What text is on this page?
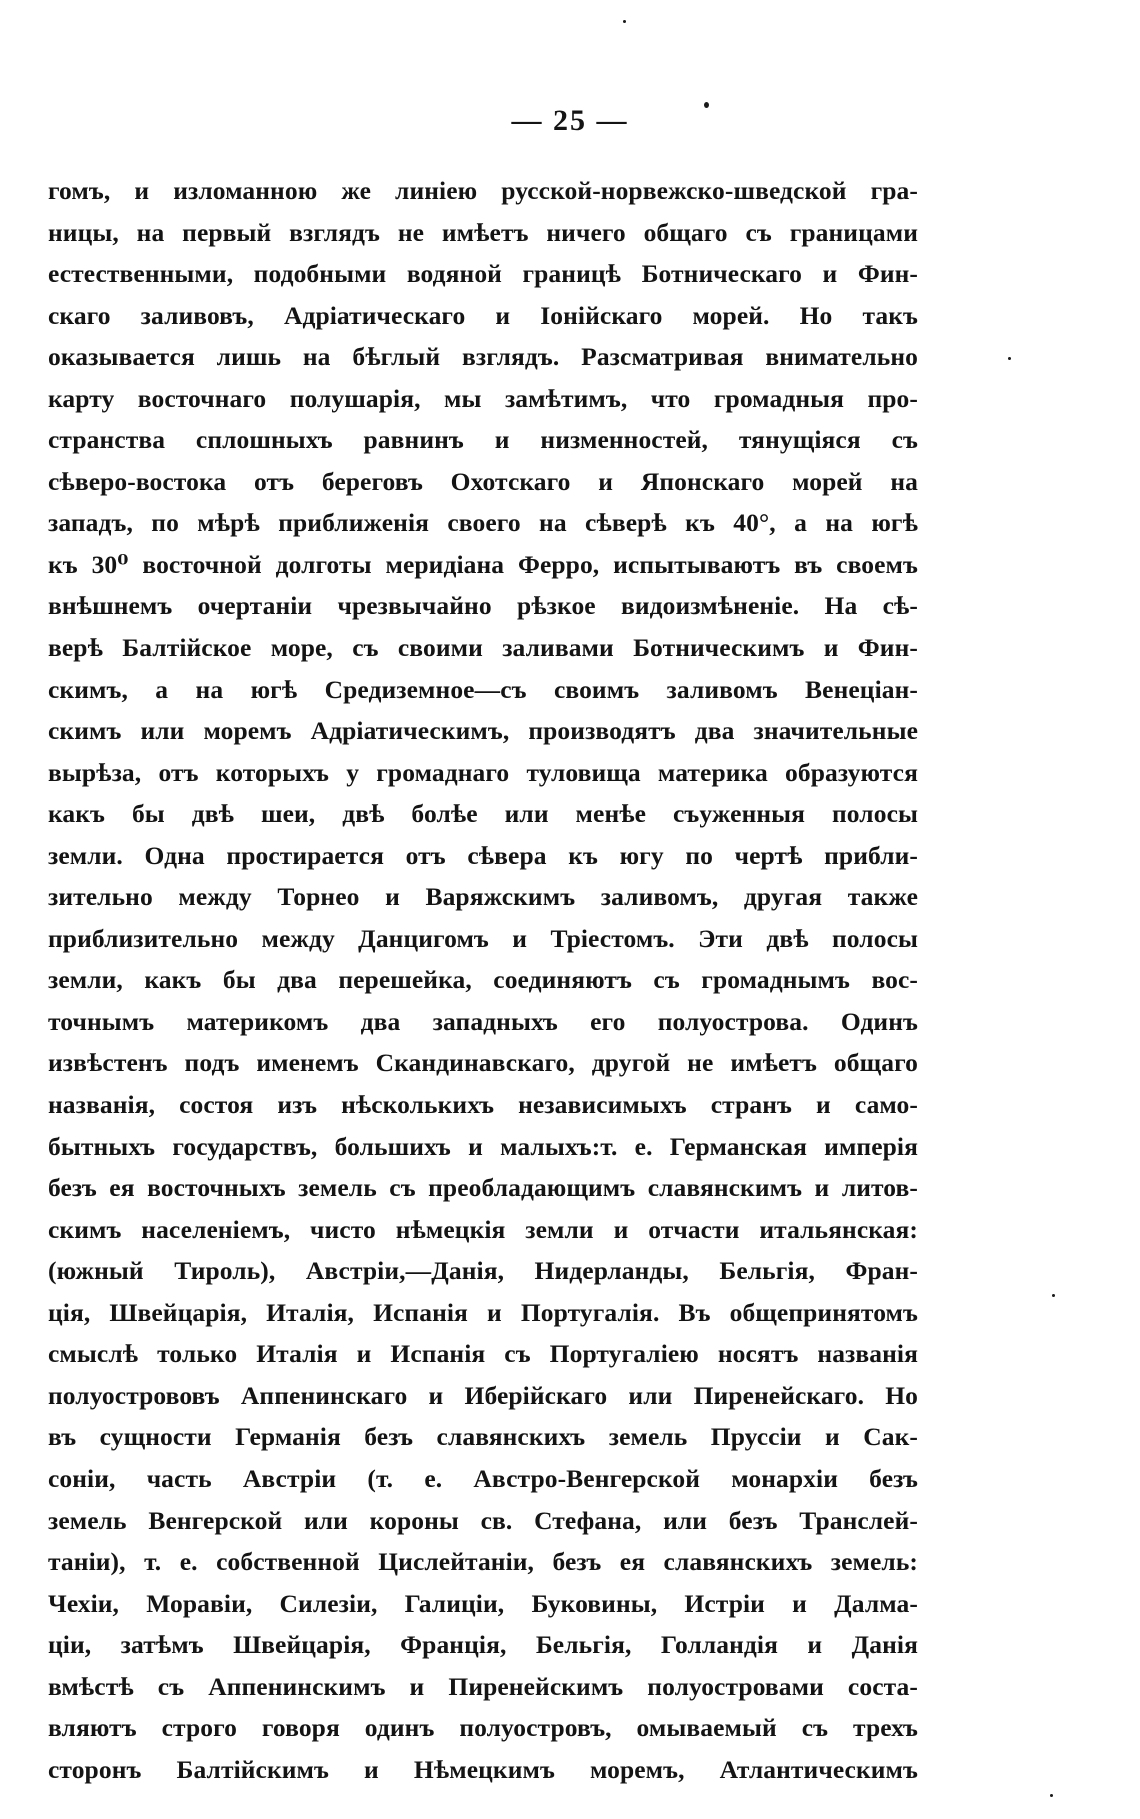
— 25 —
гомъ, и изломанною же линiею русской-норвежско-шведской гра-
ницы, на первый взглядъ не имѣетъ ничего общаго съ границами
естественными, подобными водяной границѣ Ботническаго и Фин-
скаго заливовъ, Адрiатическаго и Iонiйскаго морей. Но такъ
оказывается лишь на бѣглый взглядъ. Разсматривая внимательно
карту восточнаго полушарiя, мы замѣтимъ, что громадныя про-
странства сплошныхъ равнинъ и низменностей, тянущiяся съ
сѣверо-востока отъ береговъ Охотскаго и Японскаго морей на
западъ, по мѣрѣ приближенiя своего на сѣверѣ къ 40°, а на югѣ
къ 30⁰ восточной долготы меридiана Ферро, испытываютъ въ своемъ
внѣшнемъ очертанiи чрезвычайно рѣзкое видоизмѣненiе. На сѣ-
верѣ Балтiйское море, съ своими заливами Ботническимъ и Фин-
скимъ, а на югѣ Средиземное—съ своимъ заливомъ Венецiан-
скимъ или моремъ Адрiатическимъ, производятъ два значительные
вырѣза, отъ которыхъ у громаднаго туловища материка образуются
какъ бы двѣ шеи, двѣ болѣе или менѣе съуженныя полосы
земли. Одна простирается отъ сѣвера къ югу по чертѣ прибли-
зительно между Торнео и Варяжскимъ заливомъ, другая также
приблизительно между Данцигомъ и Трiестомъ. Эти двѣ полосы
земли, какъ бы два перешейка, соединяютъ съ громаднымъ вос-
точнымъ материкомъ два западныхъ его полуострова. Одинъ
извѣстенъ подъ именемъ Скандинавскаго, другой не имѣетъ общаго
названiя, состоя изъ нѣсколькихъ независимыхъ странъ и само-
бытныхъ государствъ, большихъ и малыхъ:т. е. Германская имперiя
безъ ея восточныхъ земель съ преобладающимъ славянскимъ и литов-
скимъ населенiемъ, чисто нѣмецкiя земли и отчасти итальянская:
(южный Тироль), Австрiи,—Данiя, Нидерланды, Бельгiя, Фран-
цiя, Швейцарiя, Италiя, Испанiя и Португалiя. Въ общепринятомъ
смыслѣ только Италiя и Испанiя съ Португалiею носятъ названiя
полуострововъ Аппенинскаго и Иберiйскаго или Пиренейскаго. Но
въ сущности Германiя безъ славянскихъ земель Пруссiи и Сак-
сонiи, часть Австрiи (т. е. Австро-Венгерской монархiи безъ
земель Венгерской или короны св. Стефана, или безъ Транслей-
танiи), т. е. собственной Цислейтанiи, безъ ея славянскихъ земель:
Чехiи, Моравiи, Силезiи, Галицiи, Буковины, Истрiи и Далма-
цiи, затѣмъ Швейцарiя, Францiя, Бельгiя, Голландiя и Данiя
вмѣстѣ съ Аппенинскимъ и Пиренейскимъ полуостровами соста-
вляютъ строго говоря одинъ полуостровъ, омываемый съ трехъ
сторонъ Балтiйскимъ и Нѣмецкимъ моремъ, Атлантическимъ
